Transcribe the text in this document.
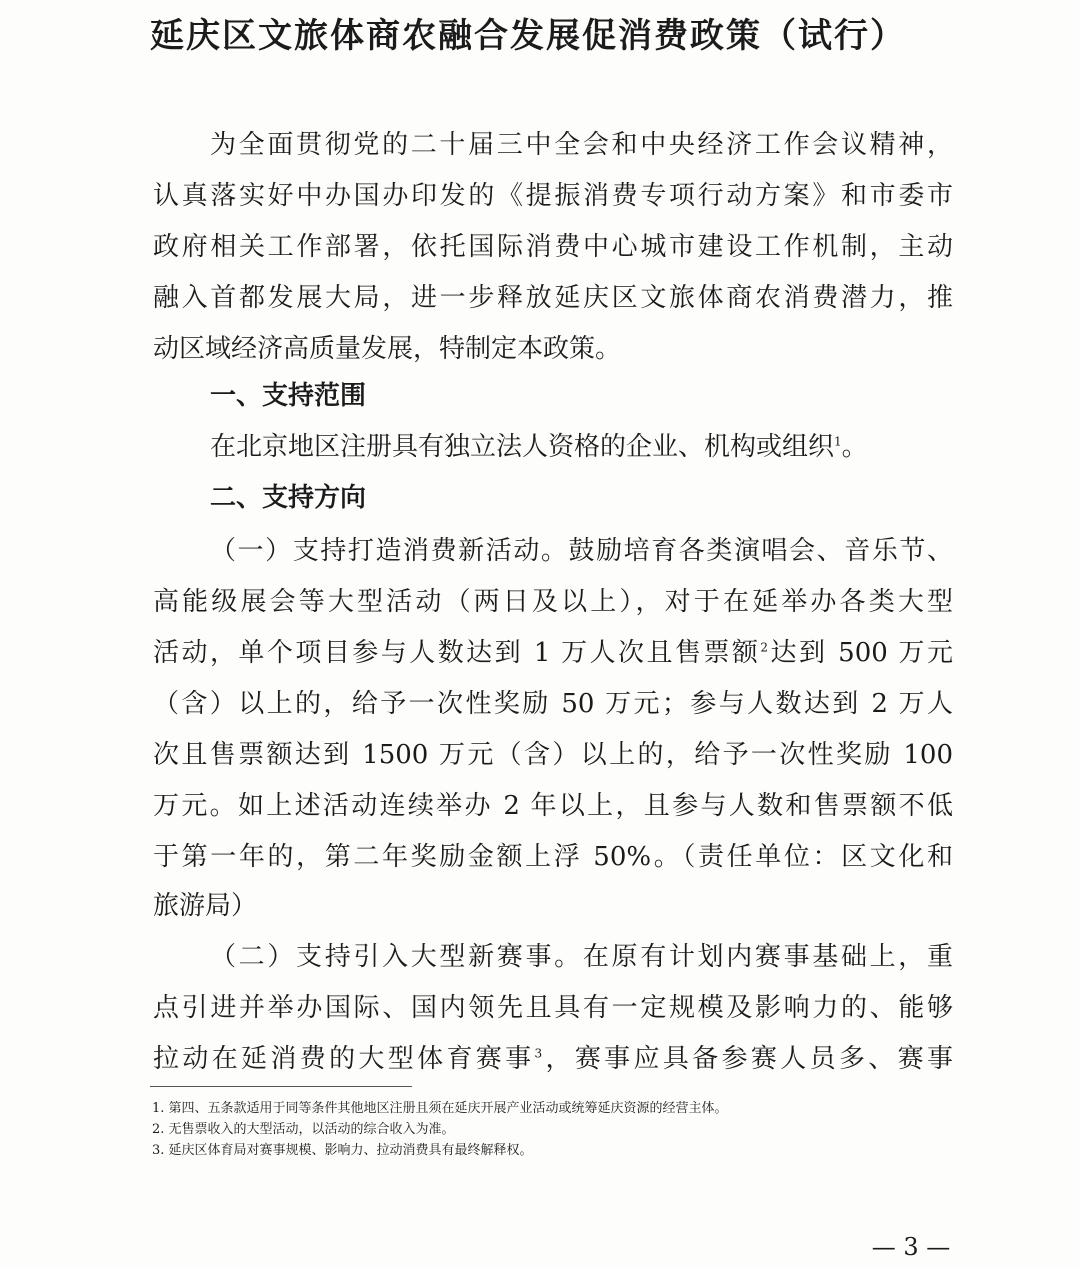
延庆区文旅体商农融合发展促消费政策（试行）
为全面贯彻党的二十届三中全会和中央经济工作会议精神，
认真落实好中办国办印发的《提振消费专项行动方案》和市委市
政府相关工作部署，依托国际消费中心城市建设工作机制，主动
融入首都发展大局，进一步释放延庆区文旅体商农消费潜力，推
动区域经济高质量发展，特制定本政策。
一、支持范围
在北京地区注册具有独立法人资格的企业、机构或组织$^1$。
二、支持方向
（一）支持打造消费新活动。鼓励培育各类演唱会、音乐节、
高能级展会等大型活动（两日及以上），对于在延举办各类大型
活动，单个项目参与人数达到 1 万人次且售票额$^2$达到 500 万元
（含）以上的，给予一次性奖励 50 万元；参与人数达到 2 万人
次且售票额达到 1500 万元（含）以上的，给予一次性奖励 100
万元。如上述活动连续举办 2 年以上，且参与人数和售票额不低
于第一年的，第二年奖励金额上浮 50%。（责任单位：区文化和
旅游局）
（二）支持引入大型新赛事。在原有计划内赛事基础上，重
点引进并举办国际、国内领先且具有一定规模及影响力的、能够
拉动在延消费的大型体育赛事$^3$，赛事应具备参赛人员多、赛事
1. 第四、五条款适用于同等条件其他地区注册且须在延庆开展产业活动或统筹延庆资源的经营主体。
2. 无售票收入的大型活动，以活动的综合收入为准。
3. 延庆区体育局对赛事规模、影响力、拉动消费具有最终解释权。
— 3 —
